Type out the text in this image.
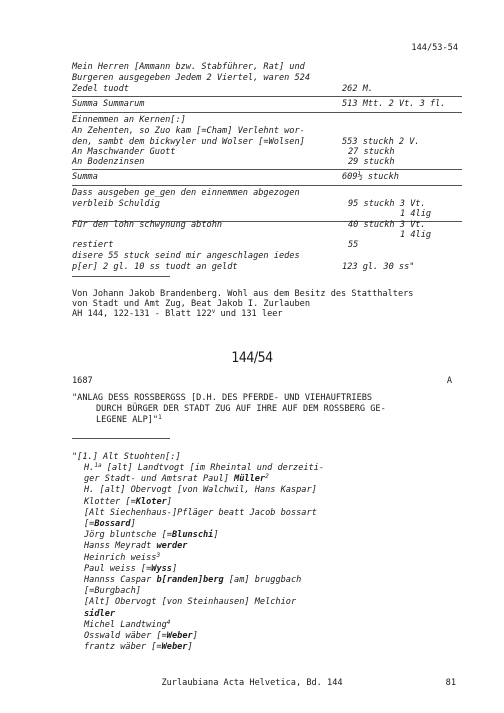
144/53-54
Mein Herren [Ammann bzw. Stabführer, Rat] und
Burgeren ausgegeben Jedem 2 Viertel, waren 524
Zedel tuodt	262 M.
Summa Summarum	513 Mtt. 2 Vt. 3 fl.
Einnemmen an Kernen[:]
An Zehenten, so Zuo kam [=Cham] Verlehnt wor-
den, sambt dem bickwyler und Wolser [=Wolsen]	553 stuckh 2 V.
An Maschwander Guott	27 stuckh
An Bodenzinsen	29 stuckh
Summa	609½ stuckh
Dass ausgeben ge̲gen den einnemmen abgezogen
verbleib Schuldig	95 stuckh 3 Vt.
1 4lig
Für den lohn schwynung abtohn	40 stuckh 3 Vt.
1 4lig
restiert	55
disere 55 stuck seind mir angeschlagen iedes
p[er] 2 gl. 10 ss tuodt an geldt	123 gl. 30 ss"
Von Johann Jakob Brandenberg. Wohl aus dem Besitz des Statthalters
von Stadt und Amt Zug, Beat Jakob I. Zurlauben
AH 144, 122-131 - Blatt 122$^v$ und 131 leer
144/54
1687	A
"ANLAG DESS ROSSBERGSS [D.H. DES PFERDE- UND VIEHAUFTRIEBS
DURCH BÜRGER DER STADT ZUG AUF IHRE AUF DEM ROSSBERG GE-
LEGENE ALP]"$^1$
"[1.] Alt Stuohten[:]
H.$^{1a}$ [alt] Landtvogt [im Rheintal und derzeiti-
ger Stadt- und Amtsrat Paul] Müller$^2$
H. [alt] Obervogt [von Walchwil, Hans Kaspar]
Klotter [=Kloter]
[Alt Siechenhaus-]Pfläger beatt Jacob bossart
[=Bossard]
Jörg bluntsche [=Blunschi]
Hanss Meyradt werder
Heinrich weiss$^3$
Paul weiss [=Wyss]
Hannss Caspar b[randen]berg [am] bruggbach
[=Burgbach]
[Alt] Obervogt [von Steinhausen] Melchior
sidler
Michel Landtwing$^4$
Osswald wäber [=Weber]
frantz wäber [=Weber]
Zurlaubiana Acta Helvetica, Bd. 144	81
